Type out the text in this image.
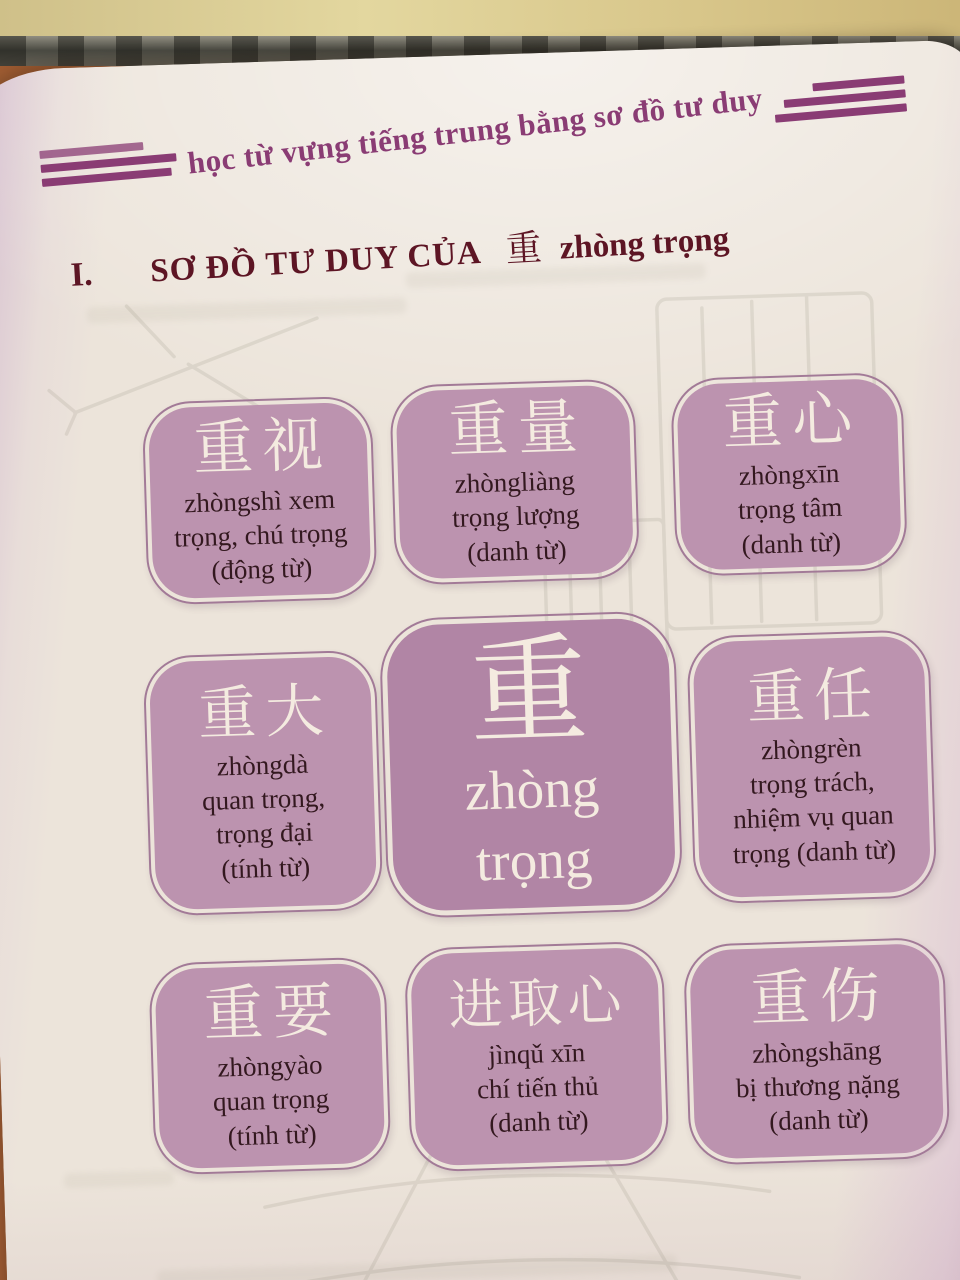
học từ vựng tiếng trung bằng sơ đồ tư duy
I. SƠ ĐỒ TƯ DUY CỦA 重 zhòng trọng
重视
zhòngshì xem
trọng, chú trọng
(động từ)
重量
zhòngliàng
trọng lượng
(danh từ)
重心
zhòngxīn
trọng tâm
(danh từ)
重大
zhòngdà
quan trọng,
trọng đại
(tính từ)
重
zhòng
trọng
重任
zhòngrèn
trọng trách,
nhiệm vụ quan
trọng (danh từ)
重要
zhòngyào
quan trọng
(tính từ)
进取心
jìnqǔ xīn
chí tiến thủ
(danh từ)
重伤
zhòngshāng
bị thương nặng
(danh từ)
